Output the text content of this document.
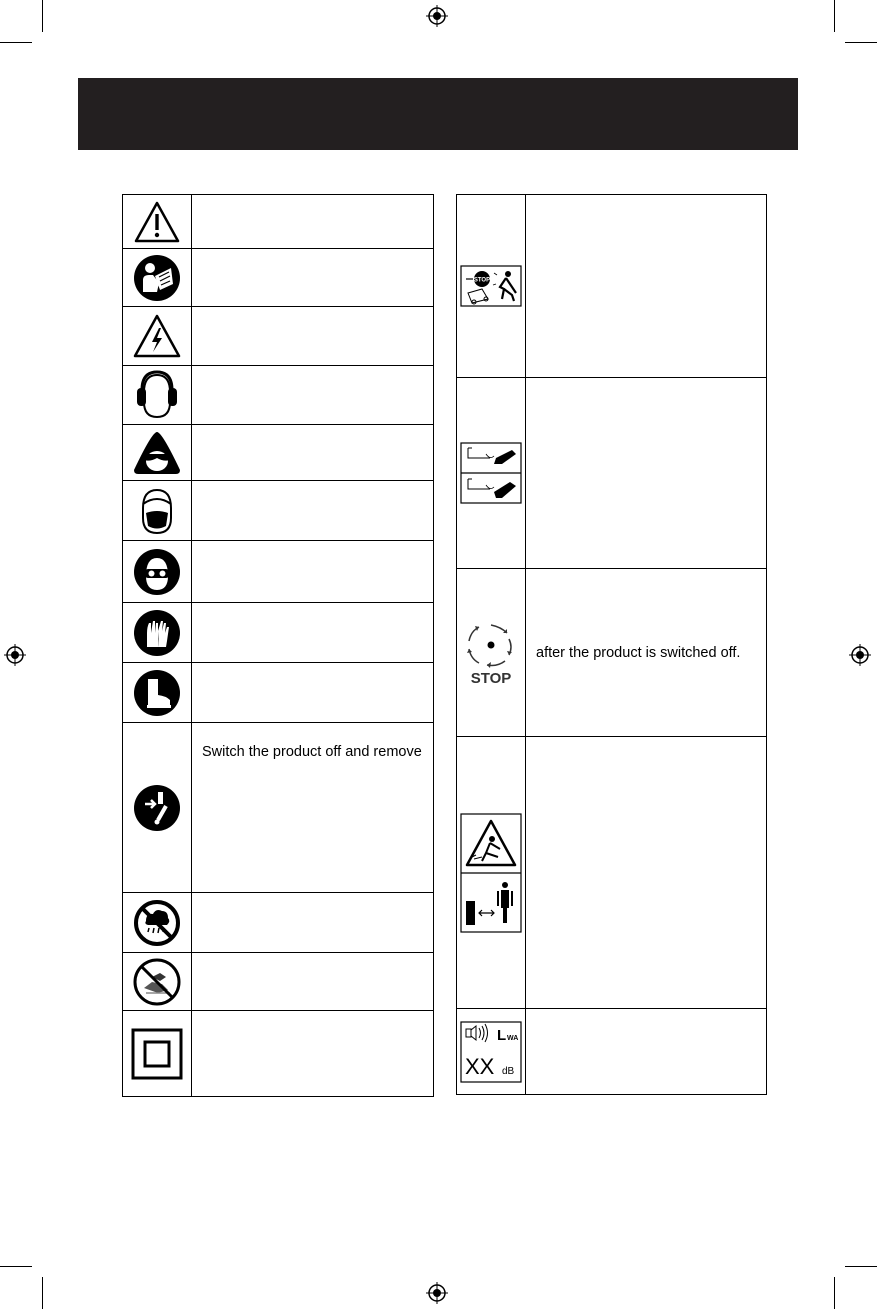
	Switch the product off and remove

STOP	

STOP	after the product is switched off.

L WA
XX dB	
